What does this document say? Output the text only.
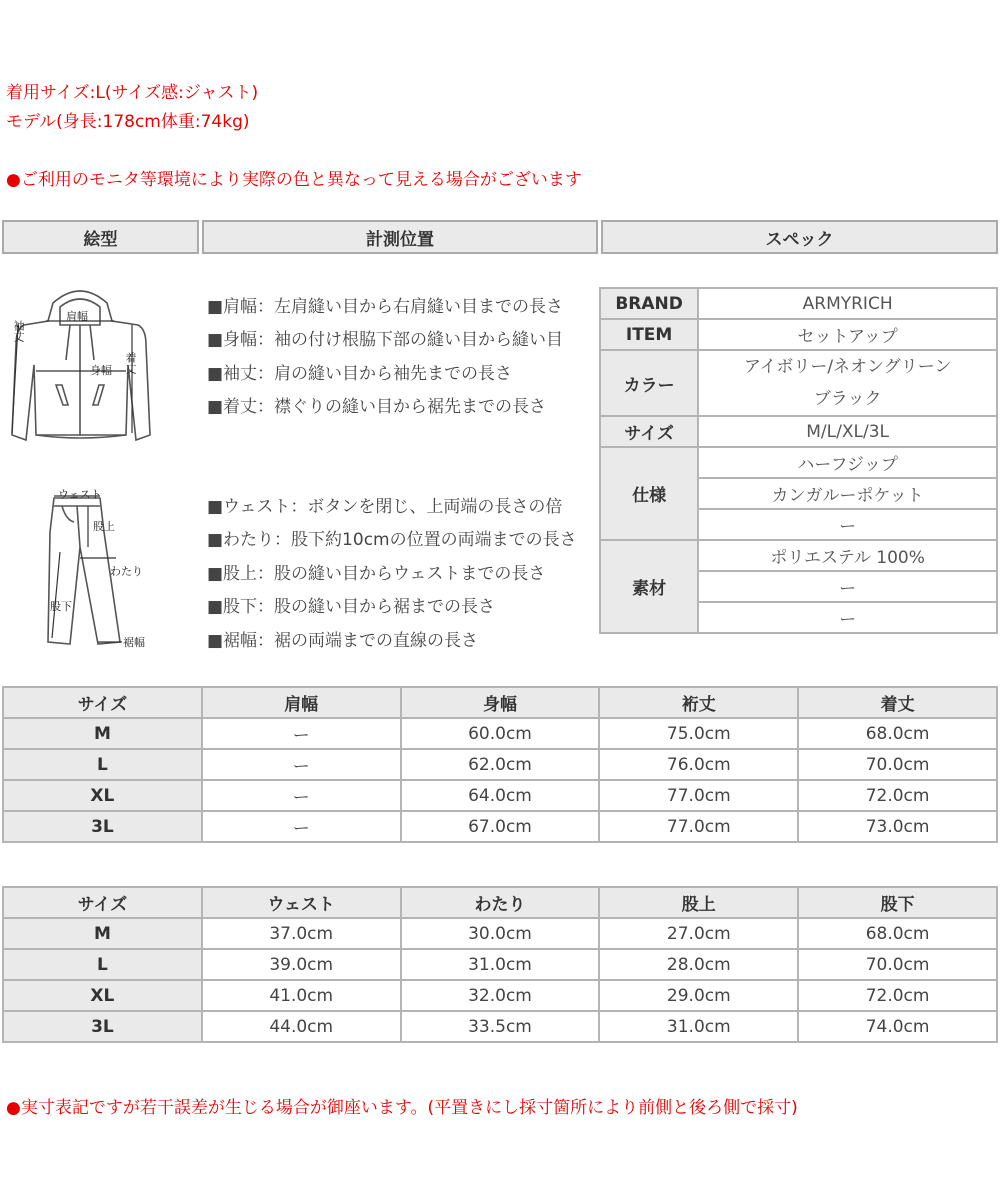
着用サイズ:L(サイズ感:ジャスト)
モデル(身長:178cm体重:74kg)
●ご利用のモニタ等環境により実際の色と異なって見える場合がございます
絵型	計測位置	スペック
肩幅
袖丈
身幅 着丈
ウェスト
股上
わたり
股下
裾幅
■肩幅：左肩縫い目から右肩縫い目までの長さ
■身幅：袖の付け根脇下部の縫い目から縫い目
■袖丈：肩の縫い目から袖先までの長さ
■着丈：襟ぐりの縫い目から裾先までの長さ
■ウェスト：ボタンを閉じ、上両端の長さの倍
■わたり：股下約10cmの位置の両端までの長さ
■股上：股の縫い目からウェストまでの長さ
■股下：股の縫い目から裾までの長さ
■裾幅：裾の両端までの直線の長さ
BRAND	ARMYRICH
ITEM	セットアップ
カラー	アイボリー/ネオングリーン
ブラック

サイズ	M/L/XL/3L
仕様	ハーフジップ
	カンガルーポケット
	ー
素材	ポリエステル 100%
	ー
	ー
サイズ	肩幅	身幅	裄丈	着丈
M	ー	60.0cm	75.0cm	68.0cm
L	ー	62.0cm	76.0cm	70.0cm
XL	ー	64.0cm	77.0cm	72.0cm
3L	ー	67.0cm	77.0cm	73.0cm
サイズ	ウェスト	わたり	股上	股下
M	37.0cm	30.0cm	27.0cm	68.0cm
L	39.0cm	31.0cm	28.0cm	70.0cm
XL	41.0cm	32.0cm	29.0cm	72.0cm
3L	44.0cm	33.5cm	31.0cm	74.0cm
●実寸表記ですが若干誤差が生じる場合が御座います。(平置きにし採寸箇所により前側と後ろ側で採寸)
